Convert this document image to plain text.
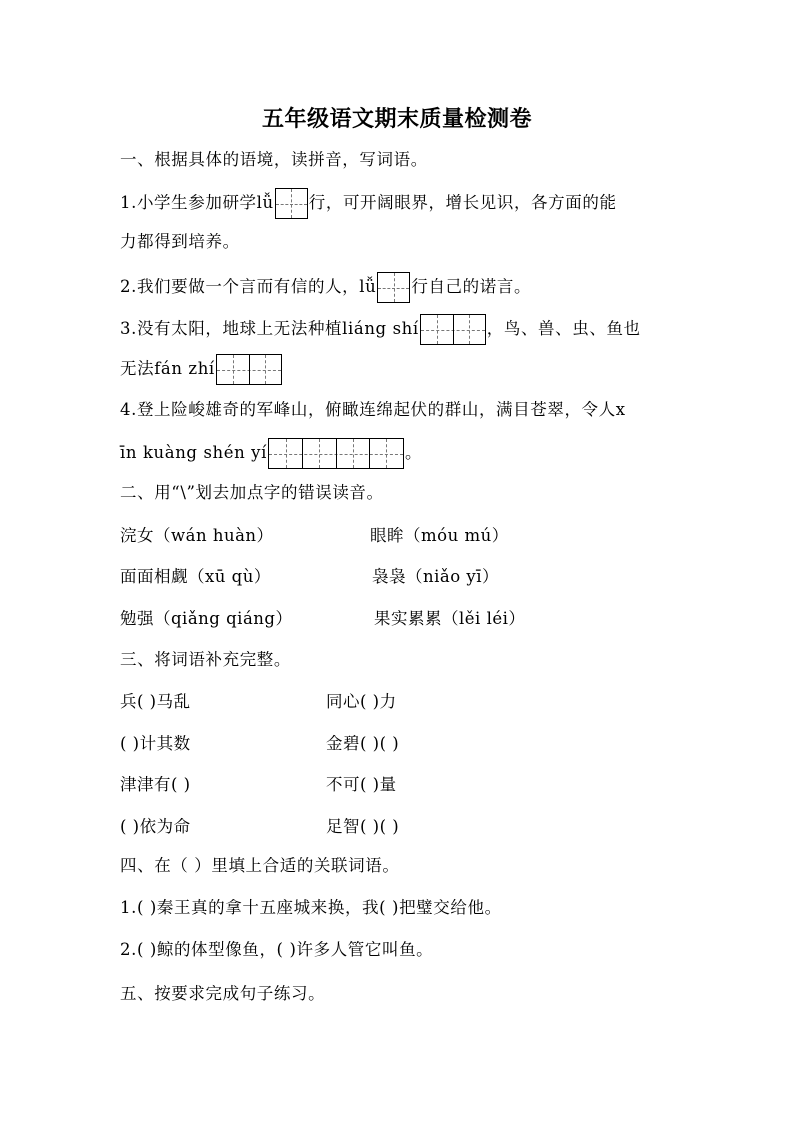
五年级语文期末质量检测卷
一、根据具体的语境，读拼音，写词语。
1.小学生参加研学lǚ 行，可开阔眼界，增长见识，各方面的能
力都得到培养。
2.我们要做一个言而有信的人，lǚ 行自己的诺言。
3.没有太阳，地球上无法种植liáng shí	，鸟、兽、虫、鱼也
无法fán zhí
4.登上险峻雄奇的军峰山，俯瞰连绵起伏的群山，满目苍翠，令人x
īn kuàng shén yí	。
二、用“\”划去加点字的错误读音。
浣女（wán huàn）	眼眸（móu mú）
面面相觑（xū qù）	袅袅（niǎo yī）
勉强（qiǎng qiáng）	果实累累（lěi léi）
三、将词语补充完整。
兵( )马乱	同心( )力
( )计其数	金碧( )( )
津津有( )	不可( )量
( )依为命	足智( )( )
四、在（ ）里填上合适的关联词语。
1.( )秦王真的拿十五座城来换，我( )把璧交给他。
2.( )鲸的体型像鱼，( )许多人管它叫鱼。
五、按要求完成句子练习。
